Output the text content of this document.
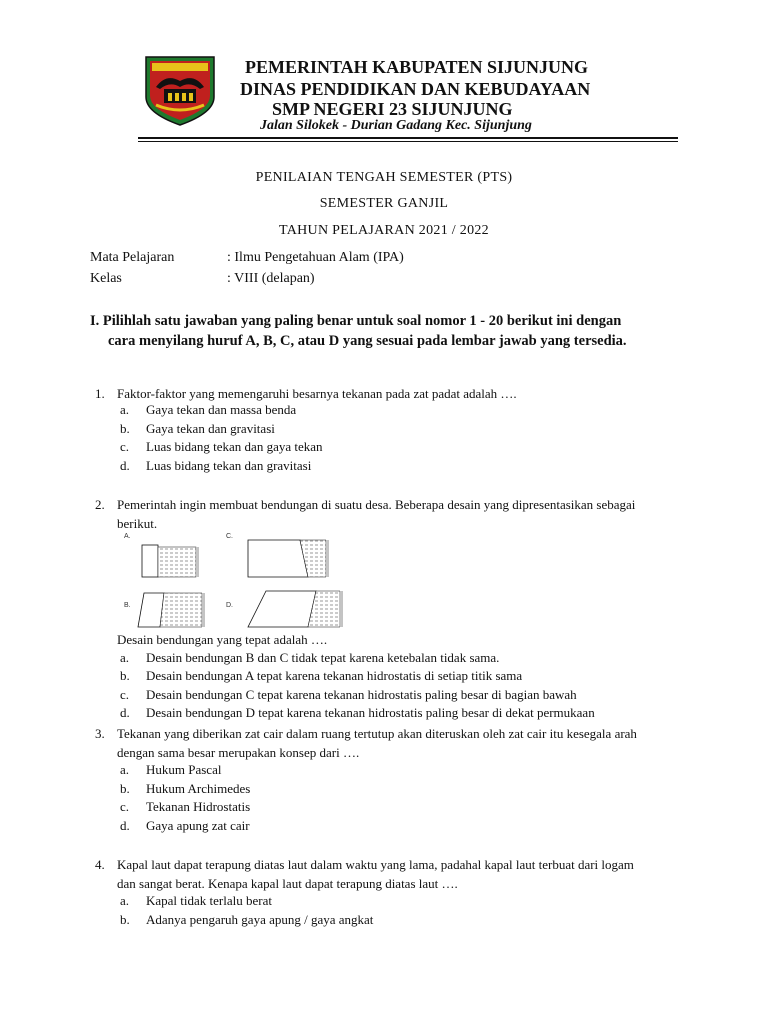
PEMERINTAH KABUPATEN SIJUNJUNG
DINAS PENDIDIKAN DAN KEBUDAYAAN
SMP NEGERI 23 SIJUNJUNG
Jalan Silokek - Durian Gadang Kec. Sijunjung
PENILAIAN TENGAH SEMESTER (PTS)
SEMESTER GANJIL
TAHUN PELAJARAN 2021 / 2022
Mata Pelajaran	: Ilmu Pengetahuan Alam (IPA)
Kelas	: VIII (delapan)
I. Pilihlah satu jawaban yang paling benar untuk soal nomor 1 - 20 berikut ini dengan
cara menyilang huruf A, B, C, atau D yang sesuai pada lembar jawab yang tersedia.
1. Faktor-faktor yang memengaruhi besarnya tekanan pada zat padat adalah ….
a. Gaya tekan dan massa benda
b. Gaya tekan dan gravitasi
c. Luas bidang tekan dan gaya tekan
d. Luas bidang tekan dan gravitasi
2. Pemerintah ingin membuat bendungan di suatu desa. Beberapa desain yang dipresentasikan sebagai
berikut.
A.	C.
B.	D.
Desain bendungan yang tepat adalah ….
a. Desain bendungan B dan C tidak tepat karena ketebalan tidak sama.
b. Desain bendungan A tepat karena tekanan hidrostatis di setiap titik sama
c. Desain bendungan C tepat karena tekanan hidrostatis paling besar di bagian bawah
d. Desain bendungan D tepat karena tekanan hidrostatis paling besar di dekat permukaan
3. Tekanan yang diberikan zat cair dalam ruang tertutup akan diteruskan oleh zat cair itu kesegala arah
dengan sama besar merupakan konsep dari ….
a. Hukum Pascal
b. Hukum Archimedes
c. Tekanan Hidrostatis
d. Gaya apung zat cair
4. Kapal laut dapat terapung diatas laut dalam waktu yang lama, padahal kapal laut terbuat dari logam
dan sangat berat. Kenapa kapal laut dapat terapung diatas laut ….
a. Kapal tidak terlalu berat
b. Adanya pengaruh gaya apung / gaya angkat
